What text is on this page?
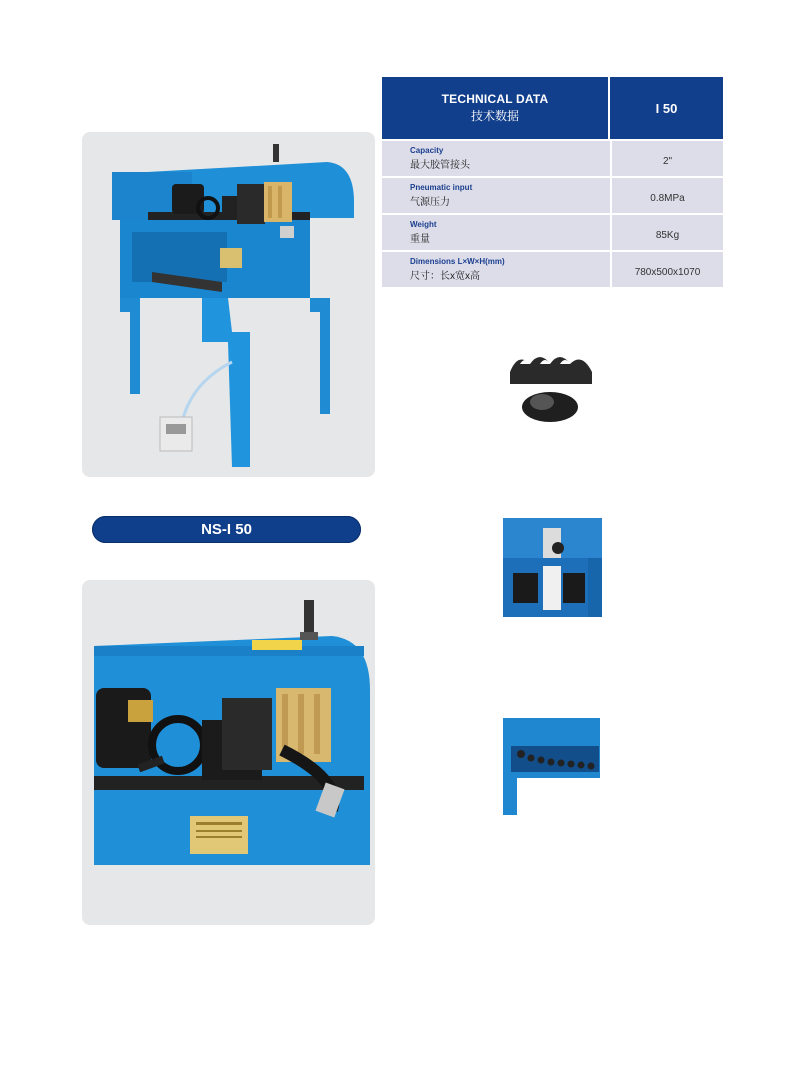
TECHNICAL DATA
技术数据
I 50
Capacity
最大胶管接头	2"
Pneumatic input
气源压力	0.8MPa
Weight
重量	85Kg
Dimensions L×W×H(mm)
尺寸：长x宽x高	780x500x1070
NS-I 50
